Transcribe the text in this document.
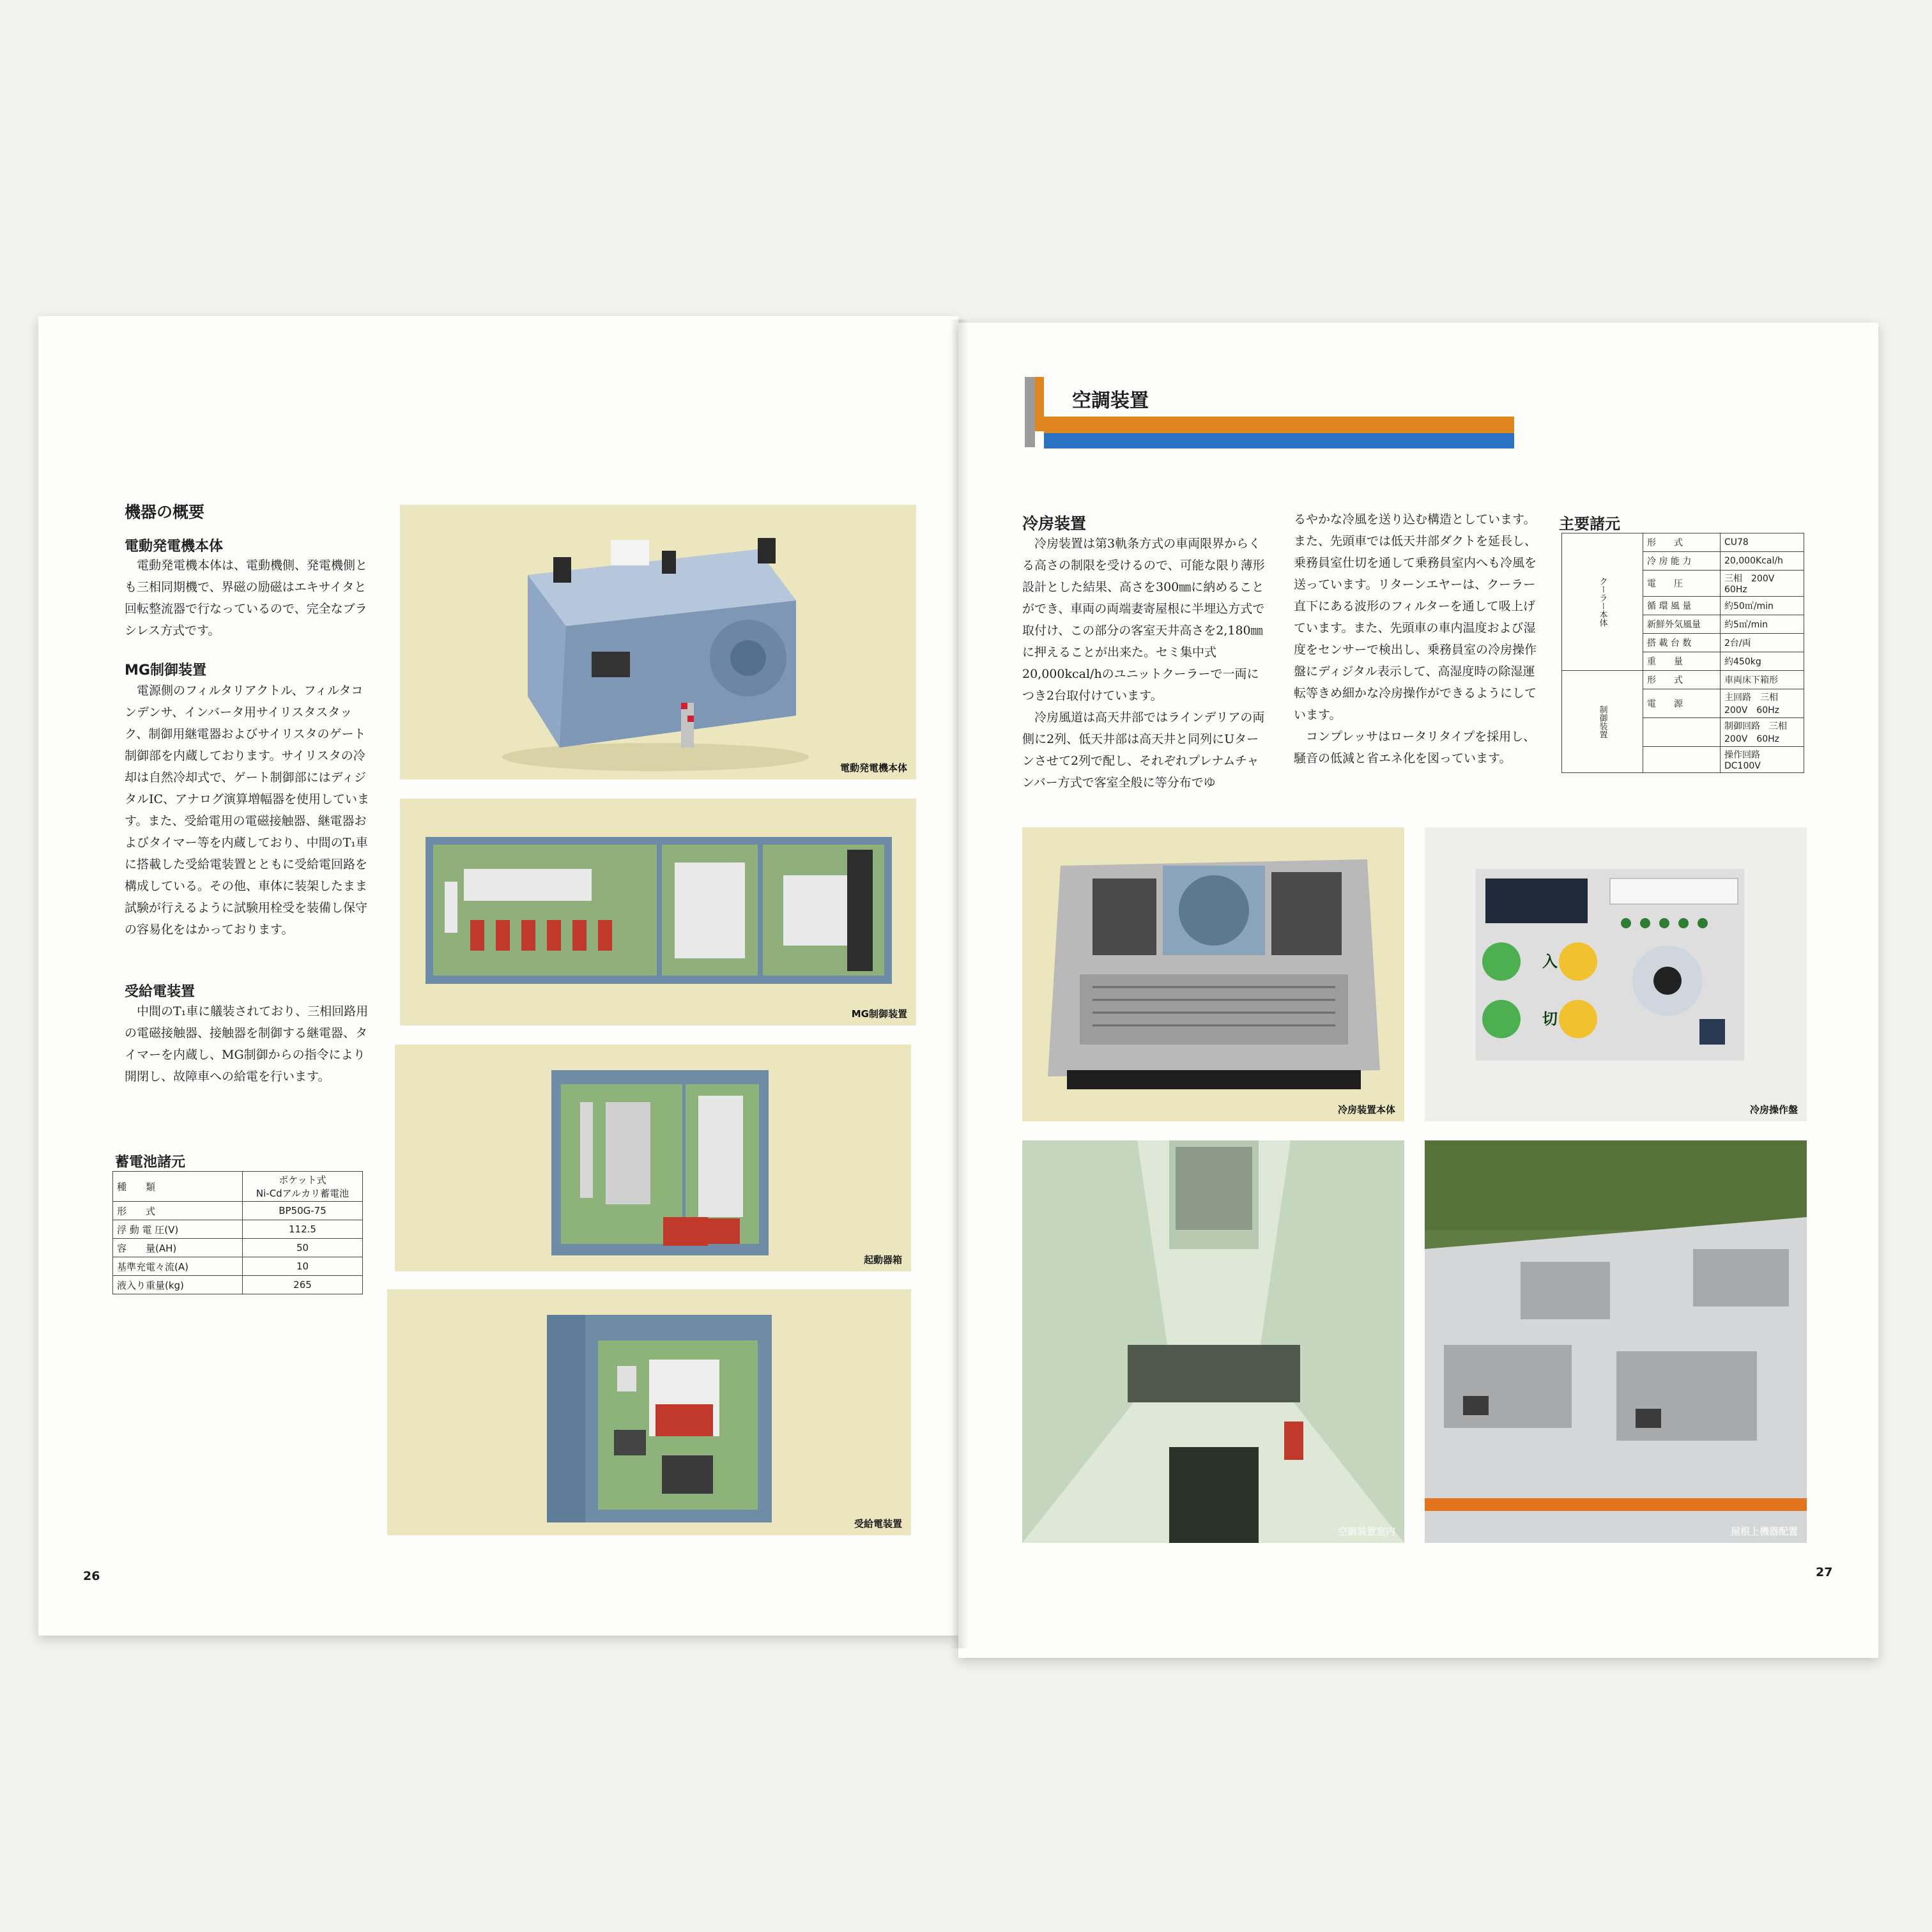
機器の概要
電動発電機本体

電動発電機本体は、電動機側、発電機側とも三相同期機で、界磁の励磁はエキサイタと回転整流器で行なっているので、完全なブラシレス方式です。

MG制御装置

電源側のフィルタリアクトル、フィルタコンデンサ、インバータ用サイリスタスタック、制御用継電器およびサイリスタのゲート制御部を内蔵しております。サイリスタの冷却は自然冷却式で、ゲート制御部にはディジタルIC、アナログ演算増幅器を使用しています。また、受給電用の電磁接触器、継電器およびタイマー等を内蔵しており、中間のT₁車に搭載した受給電装置とともに受給電回路を構成している。その他、車体に装架したまま試験が行えるように試験用栓受を装備し保守の容易化をはかっております。

受給電装置

中間のT₁車に艤装されており、三相回路用の電磁接触器、接触器を制御する継電器、タイマーを内蔵し、MG制御からの指令により開閉し、故障車への給電を行います。

蓄電池諸元
種　　類	ポケット式
Ni-Cdアルカリ蓄電池
形　　式	BP50G-75
浮 動 電 圧(V)	112.5
容　　量(AH)	50
基準充電々流(A)	10
液入り重量(kg)	265
電動発電機本体
MG制御装置
起動器箱
受給電装置
26
空調装置
冷房装置

冷房装置は第3軌条方式の車両限界からくる高さの制限を受けるので、可能な限り薄形設計とした結果、高さを300㎜に納めることができ、車両の両端妻寄屋根に半埋込方式で取付け、この部分の客室天井高さを2,180㎜に押えることが出来た。セミ集中式20,000kcal/hのユニットクーラーで一両につき2台取付けています。

冷房風道は高天井部ではラインデリアの両側に2列、低天井部は高天井と同列にUターンさせて2列で配し、それぞれプレナムチャンバー方式で客室全般に等分布でゆ

るやかな冷風を送り込む構造としています。また、先頭車では低天井部ダクトを延長し、乗務員室仕切を通して乗務員室内へも冷風を送っています。リターンエヤーは、クーラー直下にある波形のフィルターを通して吸上げています。また、先頭車の車内温度および湿度をセンサーで検出し、乗務員室の冷房操作盤にディジタル表示して、高湿度時の除湿運転等きめ細かな冷房操作ができるようにしています。

コンプレッサはロータリタイプを採用し、騒音の低減と省エネ化を図っています。

主要諸元
クーラー本体	形　　式	CU78
	冷 房 能 力	20,000Kcal/h
	電　　圧	三相　200V　60Hz
	循 環 風 量	約50㎥/min
	新鮮外気風量	約5㎥/min
	搭 載 台 数	2台/両
	重　　量	約450kg
制御装置	形　　式	車両床下箱形
	電　　源	主回路　三相200V　60Hz
		制御回路　三相200V　60Hz
		操作回路　DC100V
冷房装置本体
入
切
冷房操作盤
空調装置室内	屋根上機器配置
27
